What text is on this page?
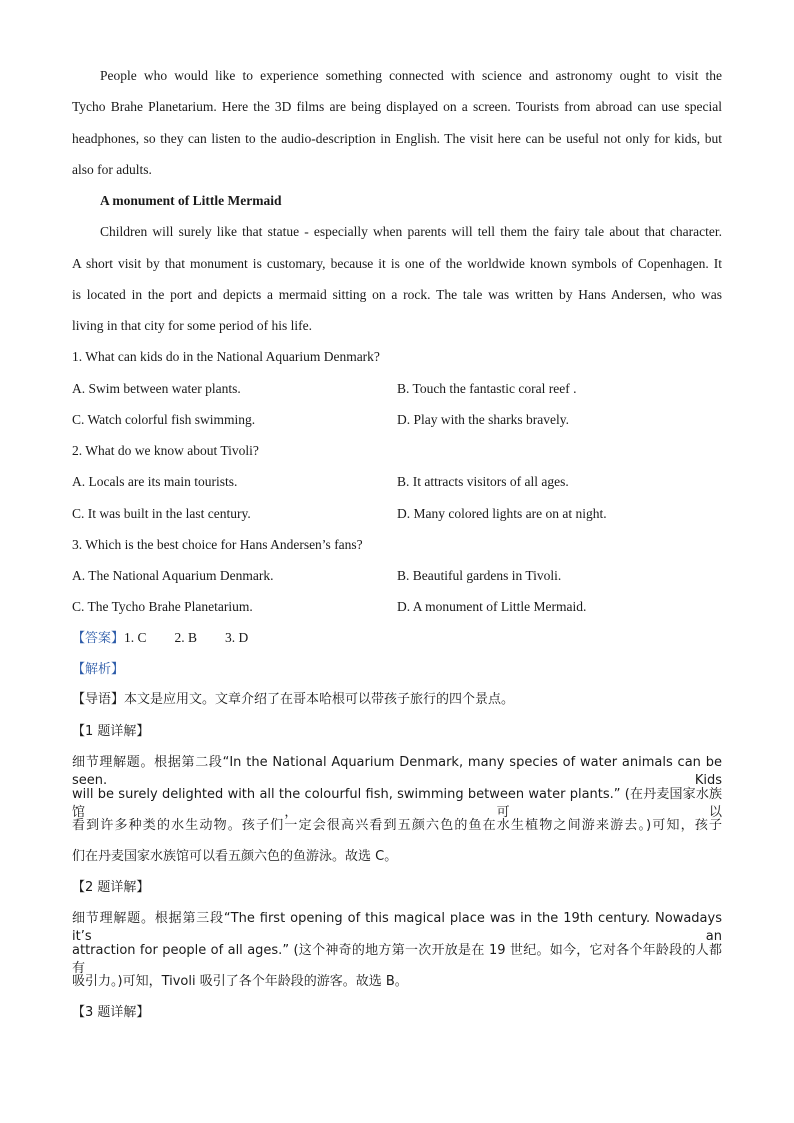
People who would like to experience something connected with science and astronomy ought to visit the
Tycho Brahe Planetarium. Here the 3D films are being displayed on a screen. Tourists from abroad can use special
headphones, so they can listen to the audio-description in English. The visit here can be useful not only for kids, but
also for adults.
A monument of Little Mermaid
Children will surely like that statue - especially when parents will tell them the fairy tale about that character.
A short visit by that monument is customary, because it is one of the worldwide known symbols of Copenhagen. It
is located in the port and depicts a mermaid sitting on a rock. The tale was written by Hans Andersen, who was
living in that city for some period of his life.
1. What can kids do in the National Aquarium Denmark?
A. Swim between water plants.	B. Touch the fantastic coral reef .
C. Watch colorful fish swimming.	D. Play with the sharks bravely.
2. What do we know about Tivoli?
A. Locals are its main tourists.	B. It attracts visitors of all ages.
C. It was built in the last century.	D. Many colored lights are on at night.
3. Which is the best choice for Hans Andersen’s fans?
A. The National Aquarium Denmark.	B. Beautiful gardens in Tivoli.
C. The Tycho Brahe Planetarium.	D. A monument of Little Mermaid.
【答案】1. C 2. B 3. D
【解析】
【导语】本文是应用文。文章介绍了在哥本哈根可以带孩子旅行的四个景点。
【1 题详解】
细节理解题。根据第二段“In the National Aquarium Denmark, many species of water animals can be seen. Kids
will be surely delighted with all the colourful fish, swimming between water plants.” (在丹麦国家水族馆，可以
看到许多种类的水生动物。孩子们一定会很高兴看到五颜六色的鱼在水生植物之间游来游去。)可知，孩子
们在丹麦国家水族馆可以看五颜六色的鱼游泳。故选 C。
【2 题详解】
细节理解题。根据第三段“The first opening of this magical place was in the 19th century. Nowadays it’s an
attraction for people of all ages.” (这个神奇的地方第一次开放是在 19 世纪。如今，它对各个年龄段的人都有
吸引力。)可知，Tivoli 吸引了各个年龄段的游客。故选 B。
【3 题详解】
